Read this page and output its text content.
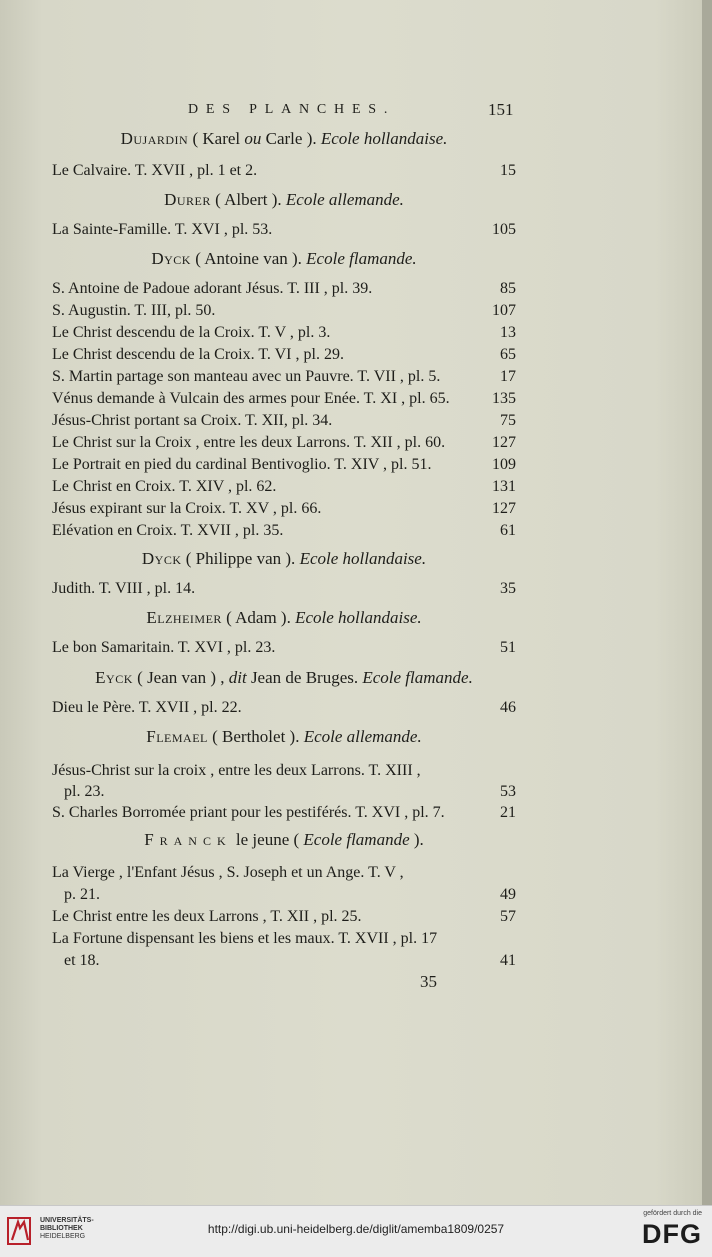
DES PLANCHES.	151
Dujardin ( Karel ou Carle ). Ecole hollandaise.
Le Calvaire. T. XVII , pl. 1 et 2.	15
Durer ( Albert ). Ecole allemande.
La Sainte-Famille. T. XVI , pl. 53.	105
Dyck ( Antoine van ). Ecole flamande.
S. Antoine de Padoue adorant Jésus. T. III , pl. 39.	85
S. Augustin. T. III, pl. 50.	107
Le Christ descendu de la Croix. T. V , pl. 3.	13
Le Christ descendu de la Croix. T. VI , pl. 29.	65
S. Martin partage son manteau avec un Pauvre. T. VII , pl. 5.	17
Vénus demande à Vulcain des armes pour Enée. T. XI , pl. 65.	135
Jésus-Christ portant sa Croix. T. XII, pl. 34.	75
Le Christ sur la Croix , entre les deux Larrons. T. XII , pl. 60.	127
Le Portrait en pied du cardinal Bentivoglio. T. XIV , pl. 51.	109
Le Christ en Croix. T. XIV , pl. 62.	131
Jésus expirant sur la Croix. T. XV , pl. 66.	127
Elévation en Croix. T. XVII , pl. 35.	61
Dyck ( Philippe van ). Ecole hollandaise.
Judith. T. VIII , pl. 14.	35
Elzheimer ( Adam ). Ecole hollandaise.
Le bon Samaritain. T. XVI , pl. 23.	51
Eyck ( Jean van ) , dit Jean de Bruges. Ecole flamande.
Dieu le Père. T. XVII , pl. 22.	46
Flemael ( Bertholet ). Ecole allemande.
Jésus-Christ sur la croix , entre les deux Larrons. T. XIII ,
pl. 23.	53
S. Charles Borromée priant pour les pestiférés. T. XVI , pl. 7.	21
Franck le jeune ( Ecole flamande ).
La Vierge , l'Enfant Jésus , S. Joseph et un Ange. T. V ,
p. 21.	49
Le Christ entre les deux Larrons , T. XII , pl. 25.	57
La Fortune dispensant les biens et les maux. T. XVII , pl. 17
et 18.	41
35
UNIVERSITÄTS-
BIBLIOTHEK
HEIDELBERG
http://digi.ub.uni-heidelberg.de/diglit/amemba1809/0257
gefördert durch die
DFG
